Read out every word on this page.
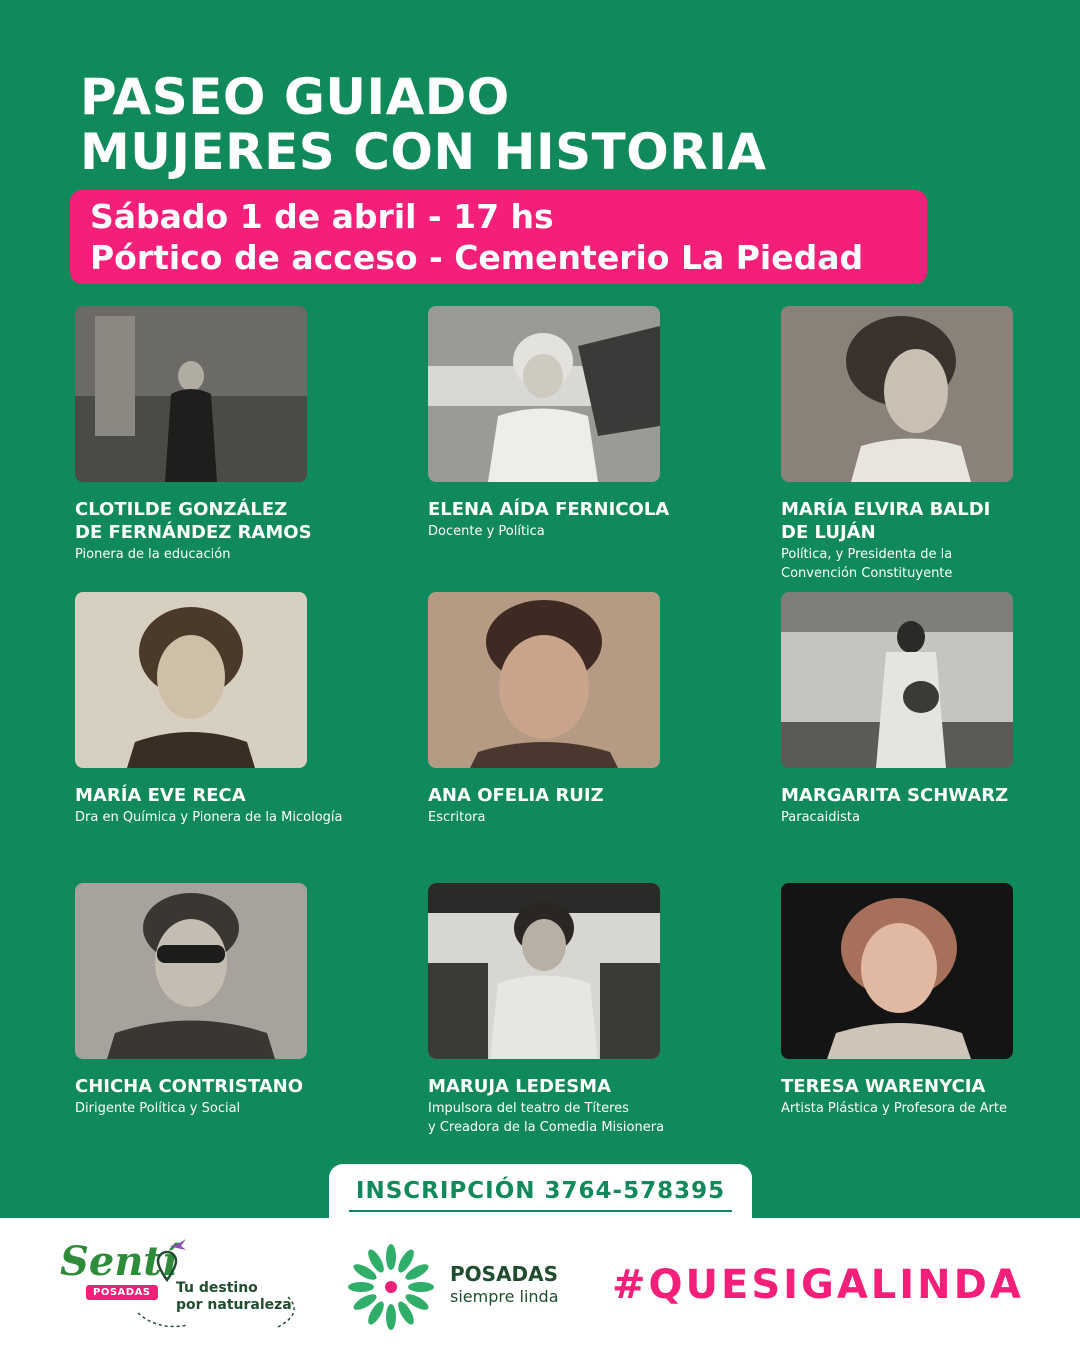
PASEO GUIADO
MUJERES CON HISTORIA
Sábado 1 de abril - 17 hs
Pórtico de acceso - Cementerio La Piedad
CLOTILDE GONZÁLEZ
DE FERNÁNDEZ RAMOS
Pionera de la educación
ELENA AÍDA FERNICOLA
Docente y Política
MARÍA ELVIRA BALDI
DE LUJÁN
Política, y Presidenta de la
Convención Constituyente
MARÍA EVE RECA
Dra en Química y Pionera de la Micología
ANA OFELIA RUIZ
Escritora
MARGARITA SCHWARZ
Paracaidista
CHICHA CONTRISTANO
Dirigente Política y Social
MARUJA LEDESMA
Impulsora del teatro de Títeres
y Creadora de la Comedia Misionera
TERESA WARENYCIA
Artista Plástica y Profesora de Arte
INSCRIPCIÓN 3764-578395
Sentí
POSADAS	Tu destino
por naturaleza
POSADAS
siempre linda #QUESIGALINDA
